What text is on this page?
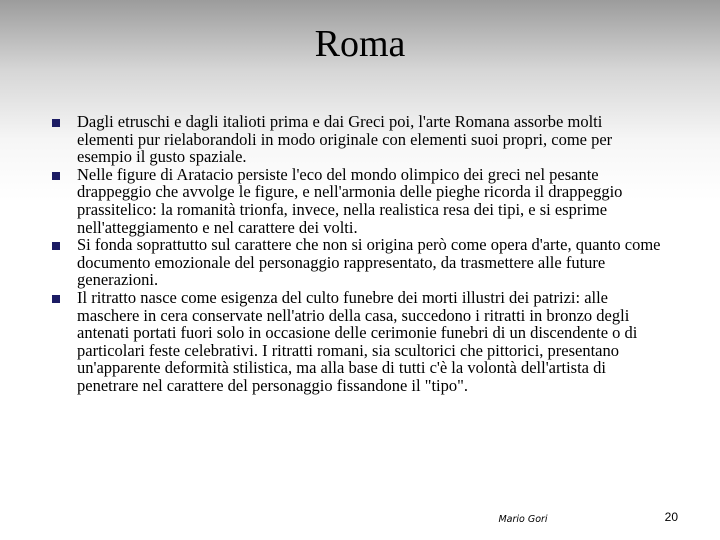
Roma
Dagli etruschi e dagli italioti prima e dai Greci poi, l'arte Romana assorbe molti elementi pur rielaborandoli in modo originale con elementi suoi propri, come per esempio il gusto spaziale.
Nelle figure di Aratacio persiste l'eco del mondo olimpico dei greci nel pesante drappeggio che avvolge le figure, e nell'armonia delle pieghe ricorda il drappeggio prassitelico: la romanità trionfa, invece, nella realistica resa dei tipi, e si esprime nell'atteggiamento e nel carattere dei volti.
Si fonda soprattutto sul carattere che non si origina però come opera d'arte, quanto come documento emozionale del personaggio rappresentato, da trasmettere alle future generazioni.
Il ritratto nasce come esigenza del culto funebre dei morti illustri dei patrizi: alle maschere in cera conservate nell'atrio della casa, succedono i ritratti in bronzo degli antenati portati fuori solo in occasione delle cerimonie funebri di un discendente o di particolari feste celebrativi. I ritratti romani, sia scultorici che pittorici, presentano un'apparente deformità stilistica, ma alla base di tutti c'è la volontà dell'artista di penetrare nel carattere del personaggio fissandone il "tipo".
Mario Gori	20
